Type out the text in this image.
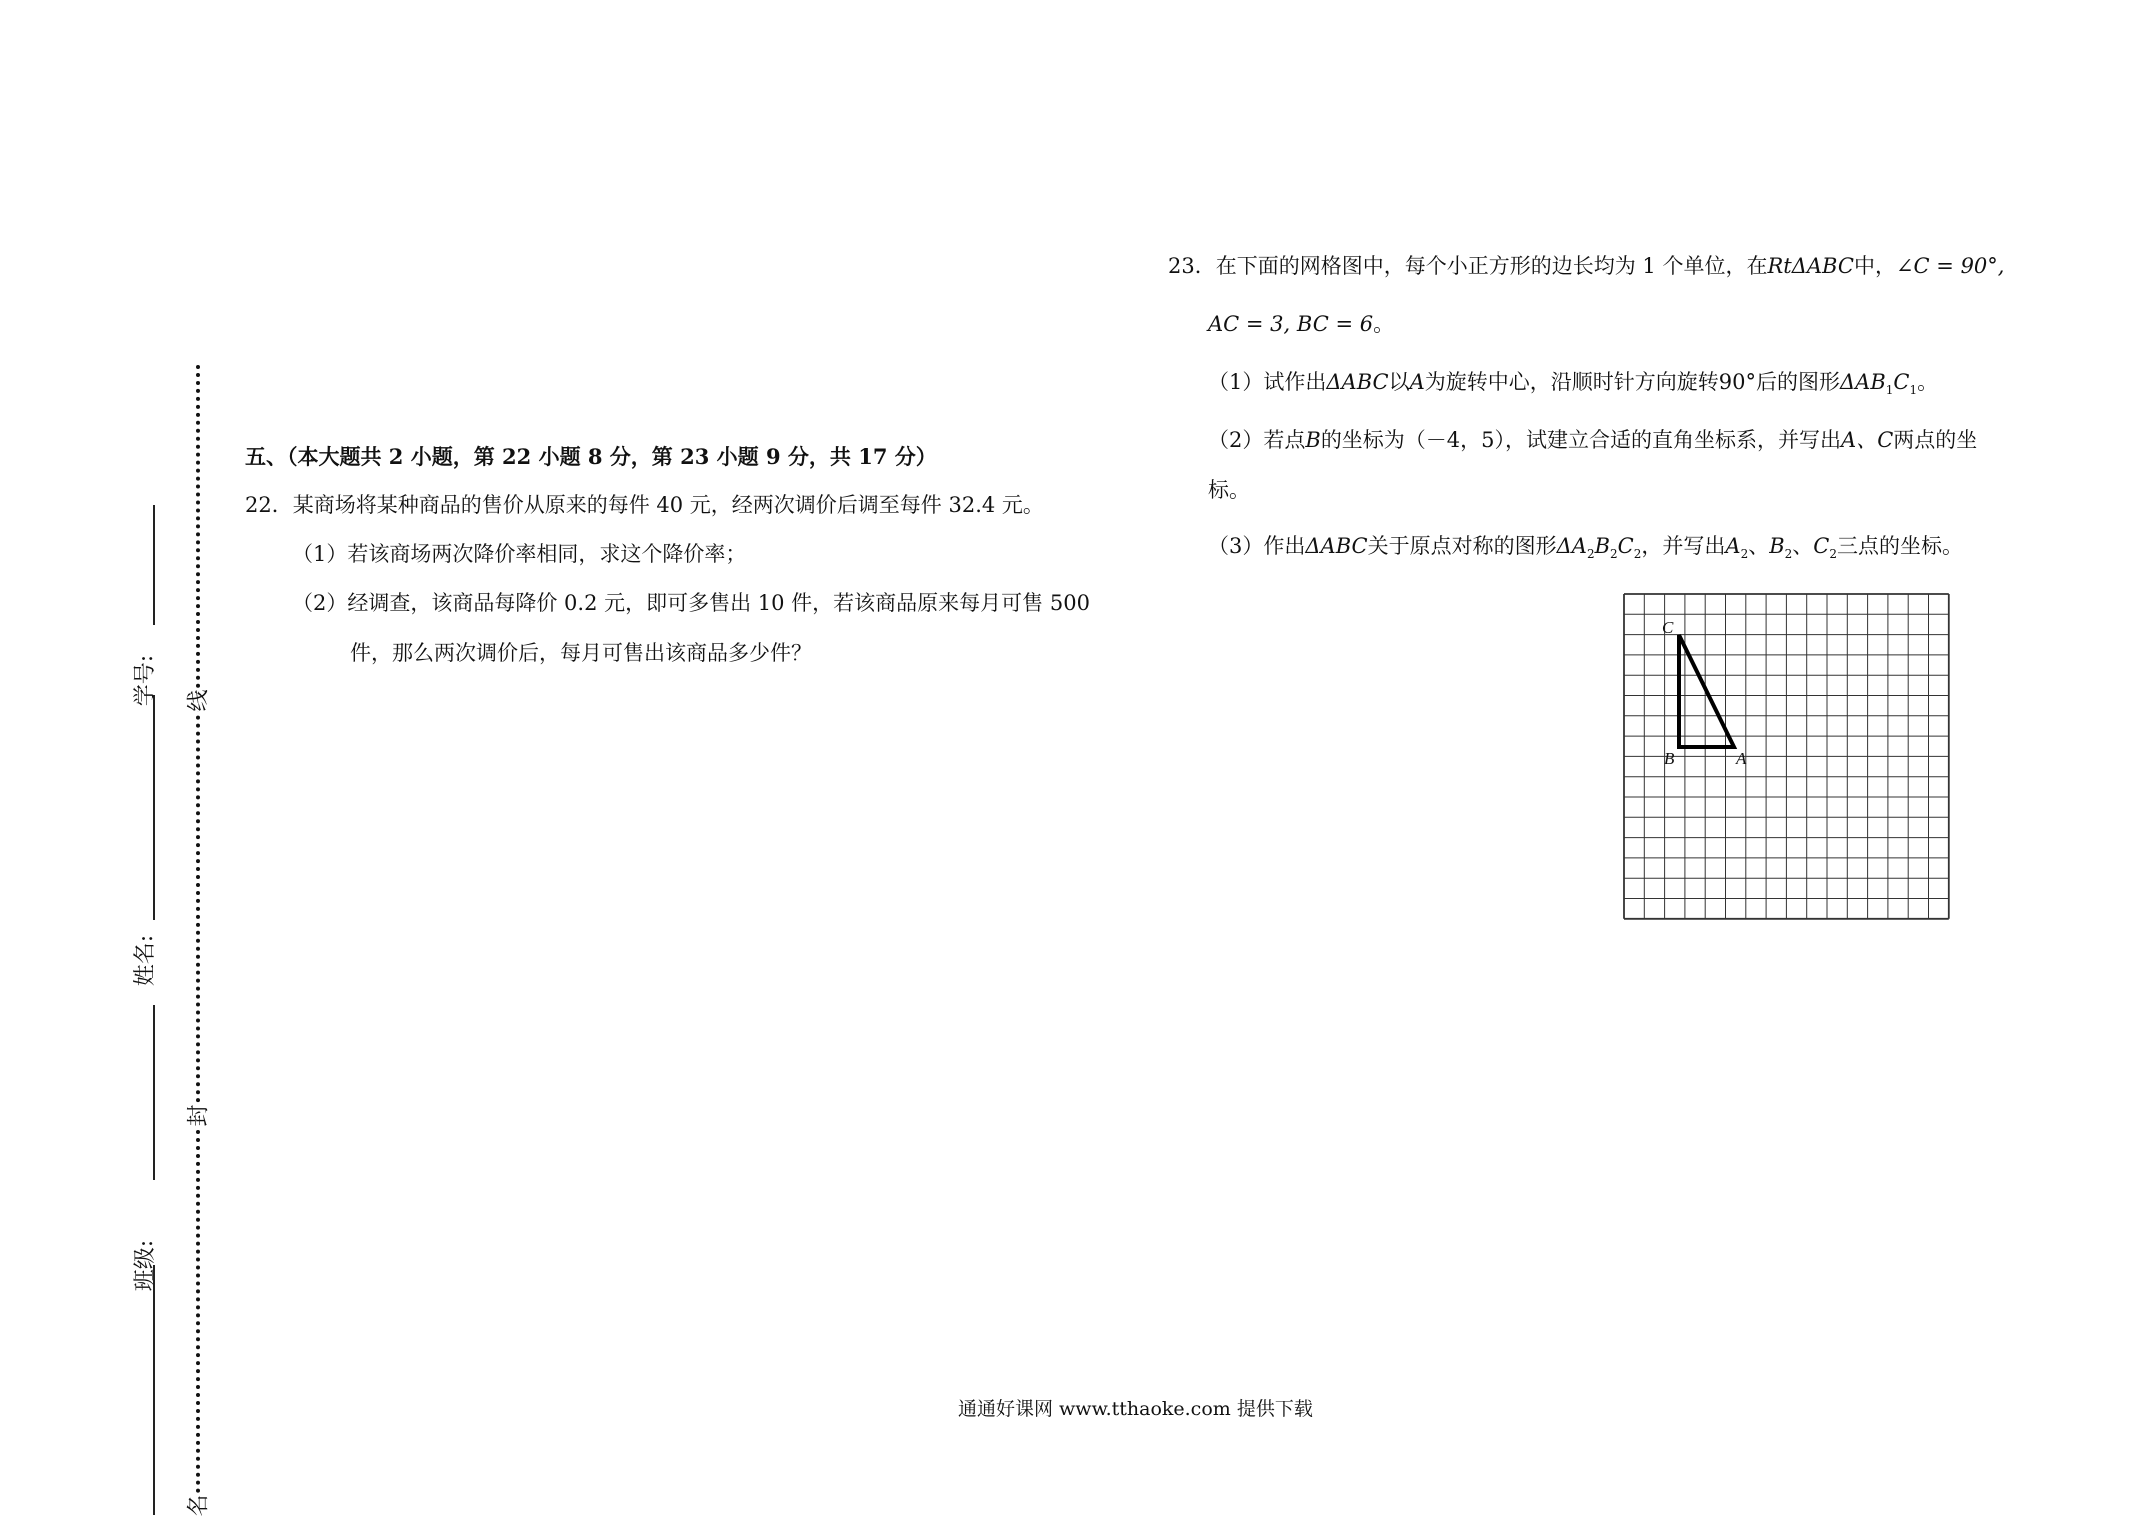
学号:
姓名:
班级:
线
封
名
五、（本大题共 2 小题，第 22 小题 8 分，第 23 小题 9 分，共 17 分）
22．某商场将某种商品的售价从原来的每件 40 元，经两次调价后调至每件 32.4 元。
（1）若该商场两次降价率相同，求这个降价率；
（2）经调查，该商品每降价 0.2 元，即可多售出 10 件，若该商品原来每月可售 500
件，那么两次调价后，每月可售出该商品多少件？
23．在下面的网格图中，每个小正方形的边长均为 1 个单位，在RtΔABC中，∠C = 90°,
AC = 3, BC = 6。
（1）试作出ΔABC以A为旋转中心，沿顺时针方向旋转90°后的图形$\Delta AB_1C_1$。
（2）若点B的坐标为（－4，5），试建立合适的直角坐标系，并写出A、C两点的坐
标。
（3）作出ΔABC关于原点对称的图形$\Delta A_2B_2C_2$，并写出$A_2$、$B_2$、$C_2$三点的坐标。
C
B	A
通通好课网 www.tthaoke.com 提供下载
